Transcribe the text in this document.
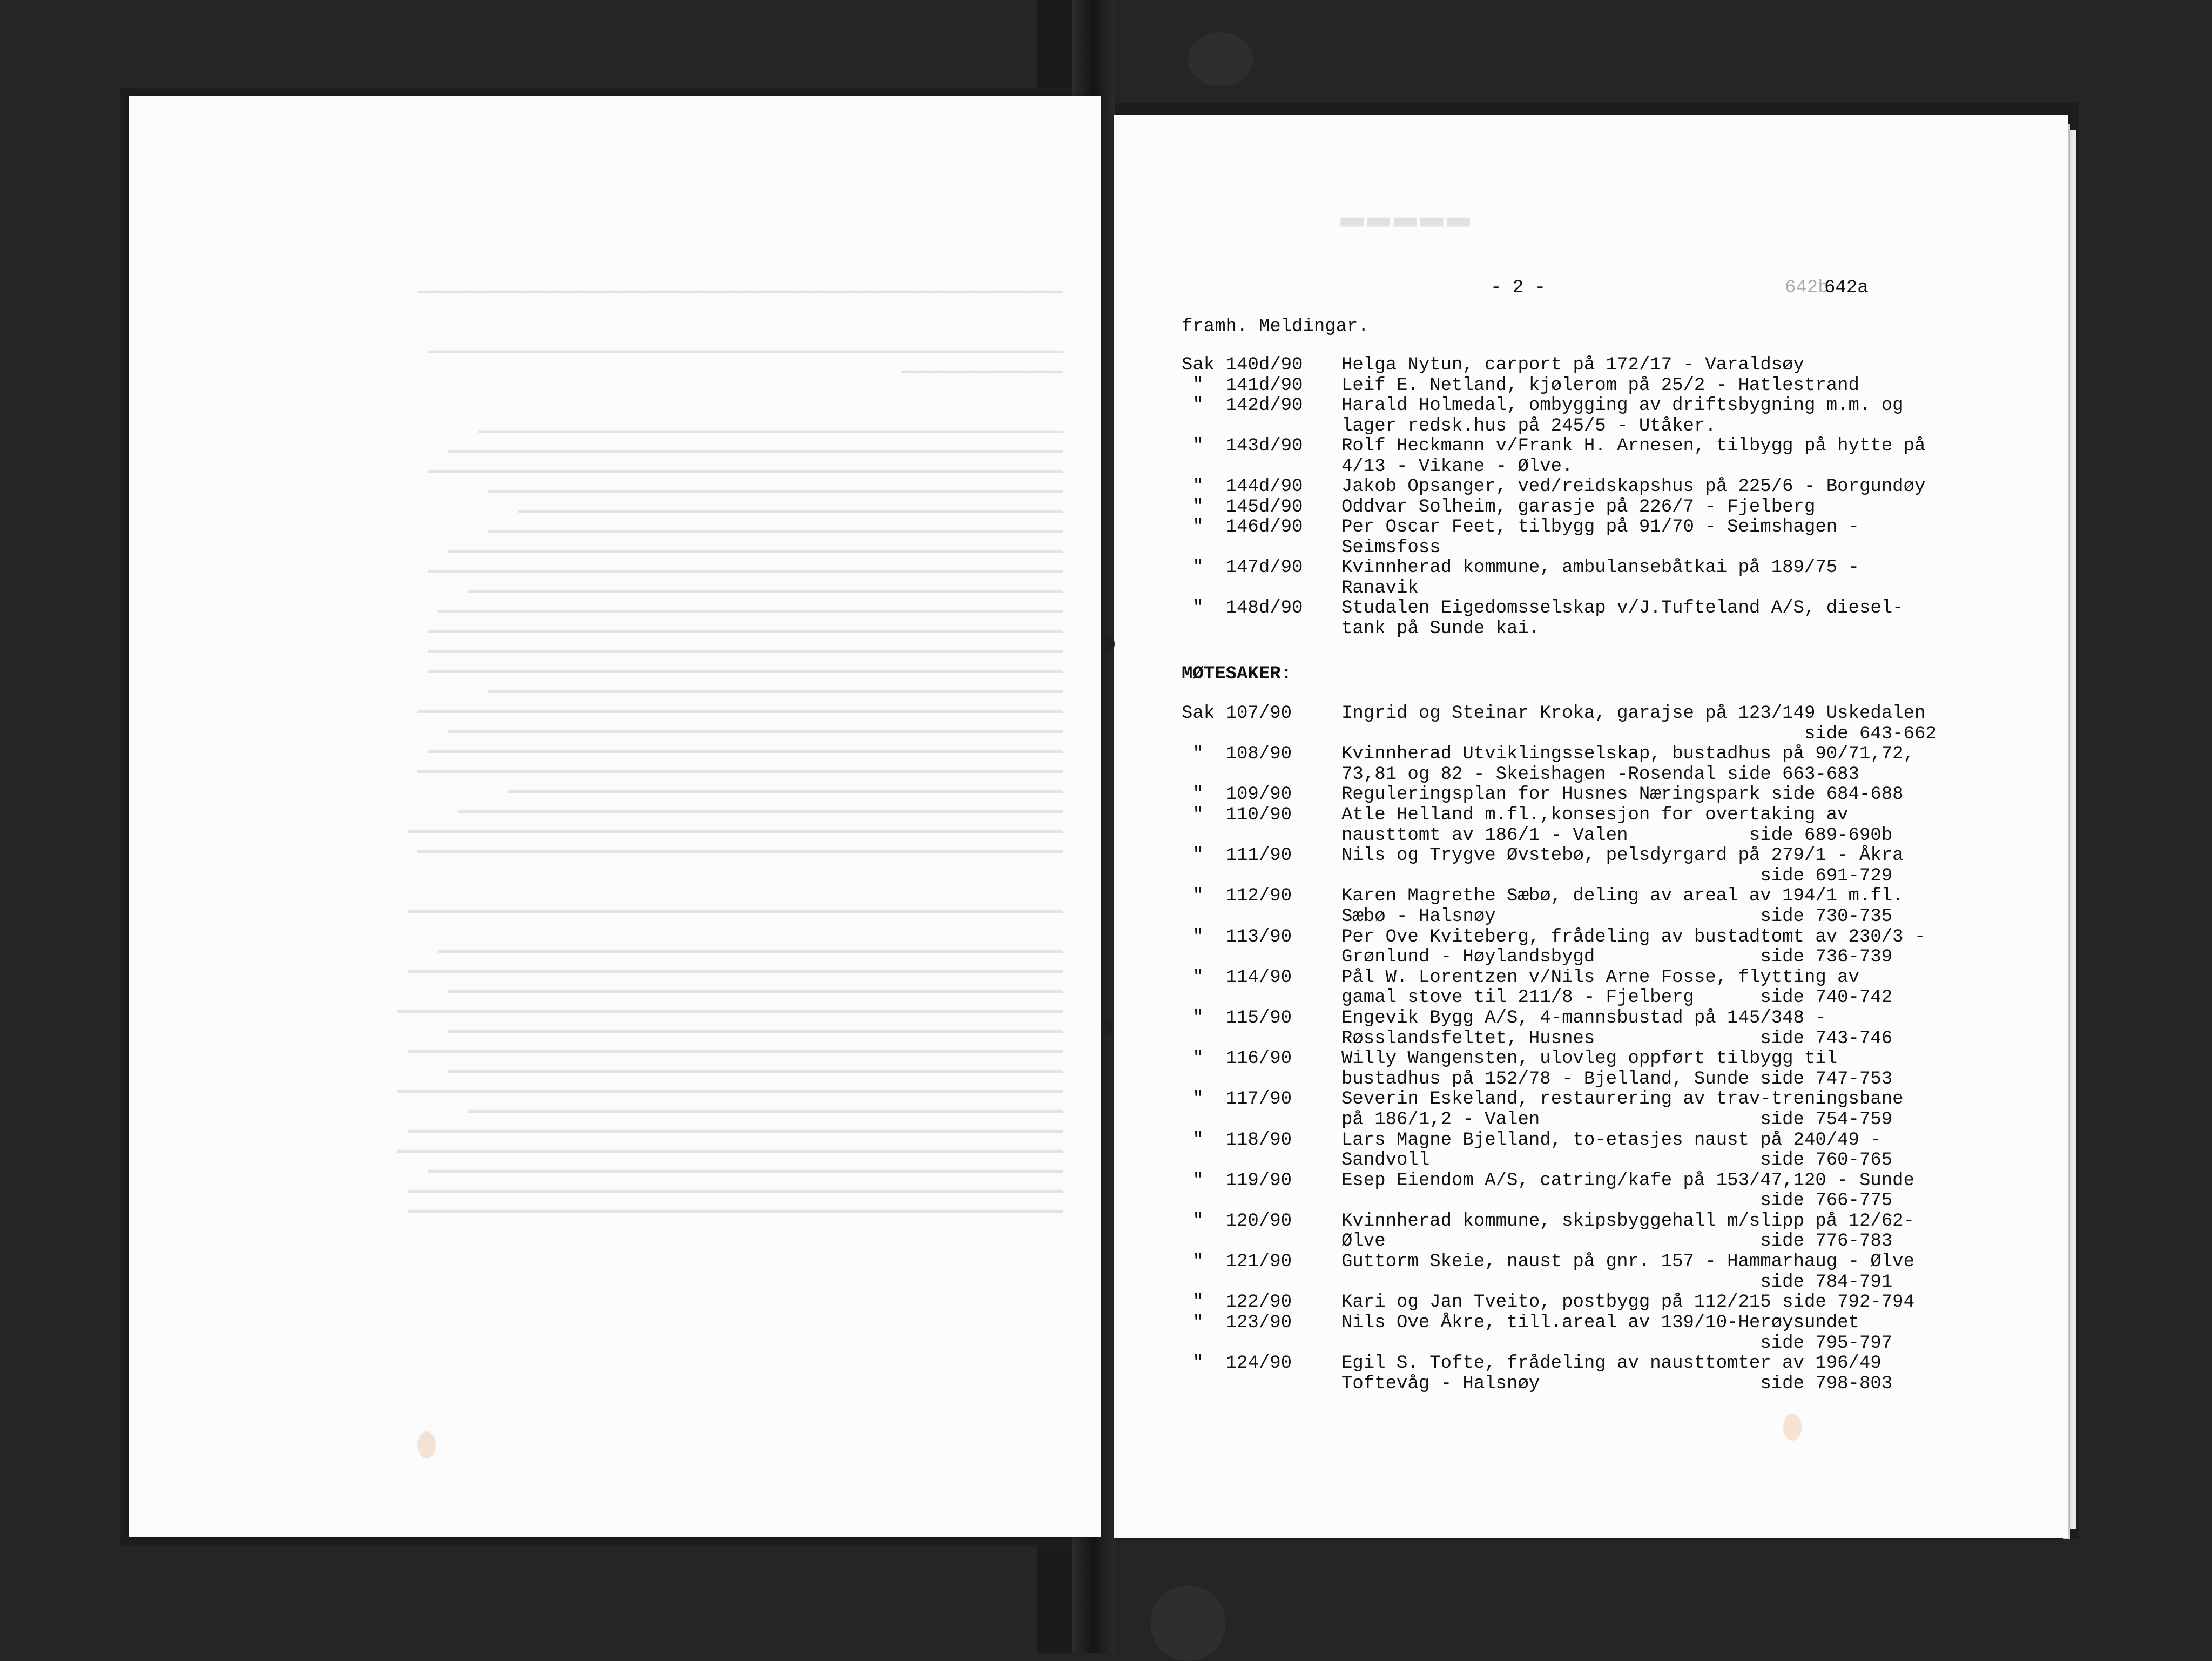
━━━━━━━━━━━━━━━━━━━━━━━━━━━━━━━━━━━━━━━━━━━━━━━━━━━━━━━━━━━━━━━━

━━━━━━━━━━━━━━━━━━━━━━━━━━━━━━━━━━━━━━━━━━━━━━━━━━━━━━━━━━━━━━━
━━━━━━━━━━━━━━━━

━━━━━━━━━━━━━━━━━━━━━━━━━━━━━━━━━━━━━━━━━━━━━━━━━━━━━━━━━━
━━━━━━━━━━━━━━━━━━━━━━━━━━━━━━━━━━━━━━━━━━━━━━━━━━━━━━━━━━━━━
━━━━━━━━━━━━━━━━━━━━━━━━━━━━━━━━━━━━━━━━━━━━━━━━━━━━━━━━━━━━━━━
━━━━━━━━━━━━━━━━━━━━━━━━━━━━━━━━━━━━━━━━━━━━━━━━━━━━━━━━━
━━━━━━━━━━━━━━━━━━━━━━━━━━━━━━━━━━━━━━━━━━━━━━━━━━━━━━
━━━━━━━━━━━━━━━━━━━━━━━━━━━━━━━━━━━━━━━━━━━━━━━━━━━━━━━━━
━━━━━━━━━━━━━━━━━━━━━━━━━━━━━━━━━━━━━━━━━━━━━━━━━━━━━━━━━━━━━
━━━━━━━━━━━━━━━━━━━━━━━━━━━━━━━━━━━━━━━━━━━━━━━━━━━━━━━━━━━━━━━
━━━━━━━━━━━━━━━━━━━━━━━━━━━━━━━━━━━━━━━━━━━━━━━━━━━━━━━━━━━
━━━━━━━━━━━━━━━━━━━━━━━━━━━━━━━━━━━━━━━━━━━━━━━━━━━━━━━━━━━━━━
━━━━━━━━━━━━━━━━━━━━━━━━━━━━━━━━━━━━━━━━━━━━━━━━━━━━━━━━━━━━━━━
━━━━━━━━━━━━━━━━━━━━━━━━━━━━━━━━━━━━━━━━━━━━━━━━━━━━━━━━━━━━━━━
━━━━━━━━━━━━━━━━━━━━━━━━━━━━━━━━━━━━━━━━━━━━━━━━━━━━━━━━━━━━━━━
━━━━━━━━━━━━━━━━━━━━━━━━━━━━━━━━━━━━━━━━━━━━━━━━━━━━━━━━━
━━━━━━━━━━━━━━━━━━━━━━━━━━━━━━━━━━━━━━━━━━━━━━━━━━━━━━━━━━━━━━━━
━━━━━━━━━━━━━━━━━━━━━━━━━━━━━━━━━━━━━━━━━━━━━━━━━━━━━━━━━━━━━
━━━━━━━━━━━━━━━━━━━━━━━━━━━━━━━━━━━━━━━━━━━━━━━━━━━━━━━━━━━━━━━
━━━━━━━━━━━━━━━━━━━━━━━━━━━━━━━━━━━━━━━━━━━━━━━━━━━━━━━━━━━━━━━━
━━━━━━━━━━━━━━━━━━━━━━━━━━━━━━━━━━━━━━━━━━━━━━━━━━━━━━━
━━━━━━━━━━━━━━━━━━━━━━━━━━━━━━━━━━━━━━━━━━━━━━━━━━━━━━━━━━━━
━━━━━━━━━━━━━━━━━━━━━━━━━━━━━━━━━━━━━━━━━━━━━━━━━━━━━━━━━━━━━━━━━
━━━━━━━━━━━━━━━━━━━━━━━━━━━━━━━━━━━━━━━━━━━━━━━━━━━━━━━━━━━━━━━━

━━━━━━━━━━━━━━━━━━━━━━━━━━━━━━━━━━━━━━━━━━━━━━━━━━━━━━━━━━━━━━━━━

━━━━━━━━━━━━━━━━━━━━━━━━━━━━━━━━━━━━━━━━━━━━━━━━━━━━━━━━━━━━━━
━━━━━━━━━━━━━━━━━━━━━━━━━━━━━━━━━━━━━━━━━━━━━━━━━━━━━━━━━━━━━━━━━
━━━━━━━━━━━━━━━━━━━━━━━━━━━━━━━━━━━━━━━━━━━━━━━━━━━━━━━━━━━━━
━━━━━━━━━━━━━━━━━━━━━━━━━━━━━━━━━━━━━━━━━━━━━━━━━━━━━━━━━━━━━━━━━━
━━━━━━━━━━━━━━━━━━━━━━━━━━━━━━━━━━━━━━━━━━━━━━━━━━━━━━━━━━━━━
━━━━━━━━━━━━━━━━━━━━━━━━━━━━━━━━━━━━━━━━━━━━━━━━━━━━━━━━━━━━━━━━━
━━━━━━━━━━━━━━━━━━━━━━━━━━━━━━━━━━━━━━━━━━━━━━━━━━━━━━━━━━━━━
━━━━━━━━━━━━━━━━━━━━━━━━━━━━━━━━━━━━━━━━━━━━━━━━━━━━━━━━━━━━━━━━━━
━━━━━━━━━━━━━━━━━━━━━━━━━━━━━━━━━━━━━━━━━━━━━━━━━━━━━━━━━━━
━━━━━━━━━━━━━━━━━━━━━━━━━━━━━━━━━━━━━━━━━━━━━━━━━━━━━━━━━━━━━━━━━
━━━━━━━━━━━━━━━━━━━━━━━━━━━━━━━━━━━━━━━━━━━━━━━━━━━━━━━━━━━━━━━━━━
━━━━━━━━━━━━━━━━━━━━━━━━━━━━━━━━━━━━━━━━━━━━━━━━━━━━━━━━━━━━━━━
━━━━━━━━━━━━━━━━━━━━━━━━━━━━━━━━━━━━━━━━━━━━━━━━━━━━━━━━━━━━━━━━━
━━━━━━━━━━━━━━━━━━━━━━━━━━━━━━━━━━━━━━━━━━━━━━━━━━━━━━━━━━━━━━━━━

▬▬▬▬▬
- 2 -	642b
642a
framh. Meldingar.
Sak 140d/90	Helga Nytun, carport på 172/17 - Varaldsøy
"  141d/90	Leif E. Netland, kjølerom på 25/2 - Hatlestrand
"  142d/90	Harald Holmedal, ombygging av driftsbygning m.m. og
lager redsk.hus på 245/5 - Utåker.
"  143d/90	Rolf Heckmann v/Frank H. Arnesen, tilbygg på hytte på
4/13 - Vikane - Ølve.
"  144d/90	Jakob Opsanger, ved/reidskapshus på 225/6 - Borgundøy
"  145d/90	Oddvar Solheim, garasje på 226/7 - Fjelberg
"  146d/90	Per Oscar Feet, tilbygg på 91/70 - Seimshagen -
Seimsfoss
"  147d/90	Kvinnherad kommune, ambulansebåtkai på 189/75 -
Ranavik
"  148d/90	Studalen Eigedomsselskap v/J.Tufteland A/S, diesel-
tank på Sunde kai.
MØTESAKER:
Sak 107/90	Ingrid og Steinar Kroka, garajse på 123/149 Uskedalen
side 643-662
"  108/90	Kvinnherad Utviklingsselskap, bustadhus på 90/71,72,
73,81 og 82 - Skeishagen -Rosendal side 663-683
"  109/90	Reguleringsplan for Husnes Næringspark side 684-688
"  110/90	Atle Helland m.fl.,konsesjon for overtaking av
nausttomt av 186/1 - Valen           side 689-690b
"  111/90	Nils og Trygve Øvstebø, pelsdyrgard på 279/1 - Åkra
side 691-729
"  112/90	Karen Magrethe Sæbø, deling av areal av 194/1 m.fl.
Sæbø - Halsnøy                        side 730-735
"  113/90	Per Ove Kviteberg, frådeling av bustadtomt av 230/3 -
Grønlund - Høylandsbygd               side 736-739
"  114/90	Pål W. Lorentzen v/Nils Arne Fosse, flytting av
gamal stove til 211/8 - Fjelberg      side 740-742
"  115/90	Engevik Bygg A/S, 4-mannsbustad på 145/348 -
Røsslandsfeltet, Husnes               side 743-746
"  116/90	Willy Wangensten, ulovleg oppført tilbygg til
bustadhus på 152/78 - Bjelland, Sunde side 747-753
"  117/90	Severin Eskeland, restaurering av trav-treningsbane
på 186/1,2 - Valen                    side 754-759
"  118/90	Lars Magne Bjelland, to-etasjes naust på 240/49 -
Sandvoll                              side 760-765
"  119/90	Esep Eiendom A/S, catring/kafe på 153/47,120 - Sunde
side 766-775
"  120/90	Kvinnherad kommune, skipsbyggehall m/slipp på 12/62-
Ølve                                  side 776-783
"  121/90	Guttorm Skeie, naust på gnr. 157 - Hammarhaug - Ølve
side 784-791
"  122/90	Kari og Jan Tveito, postbygg på 112/215 side 792-794
"  123/90	Nils Ove Åkre, till.areal av 139/10-Herøysundet
side 795-797
"  124/90	Egil S. Tofte, frådeling av nausttomter av 196/49
Toftevåg - Halsnøy                    side 798-803
